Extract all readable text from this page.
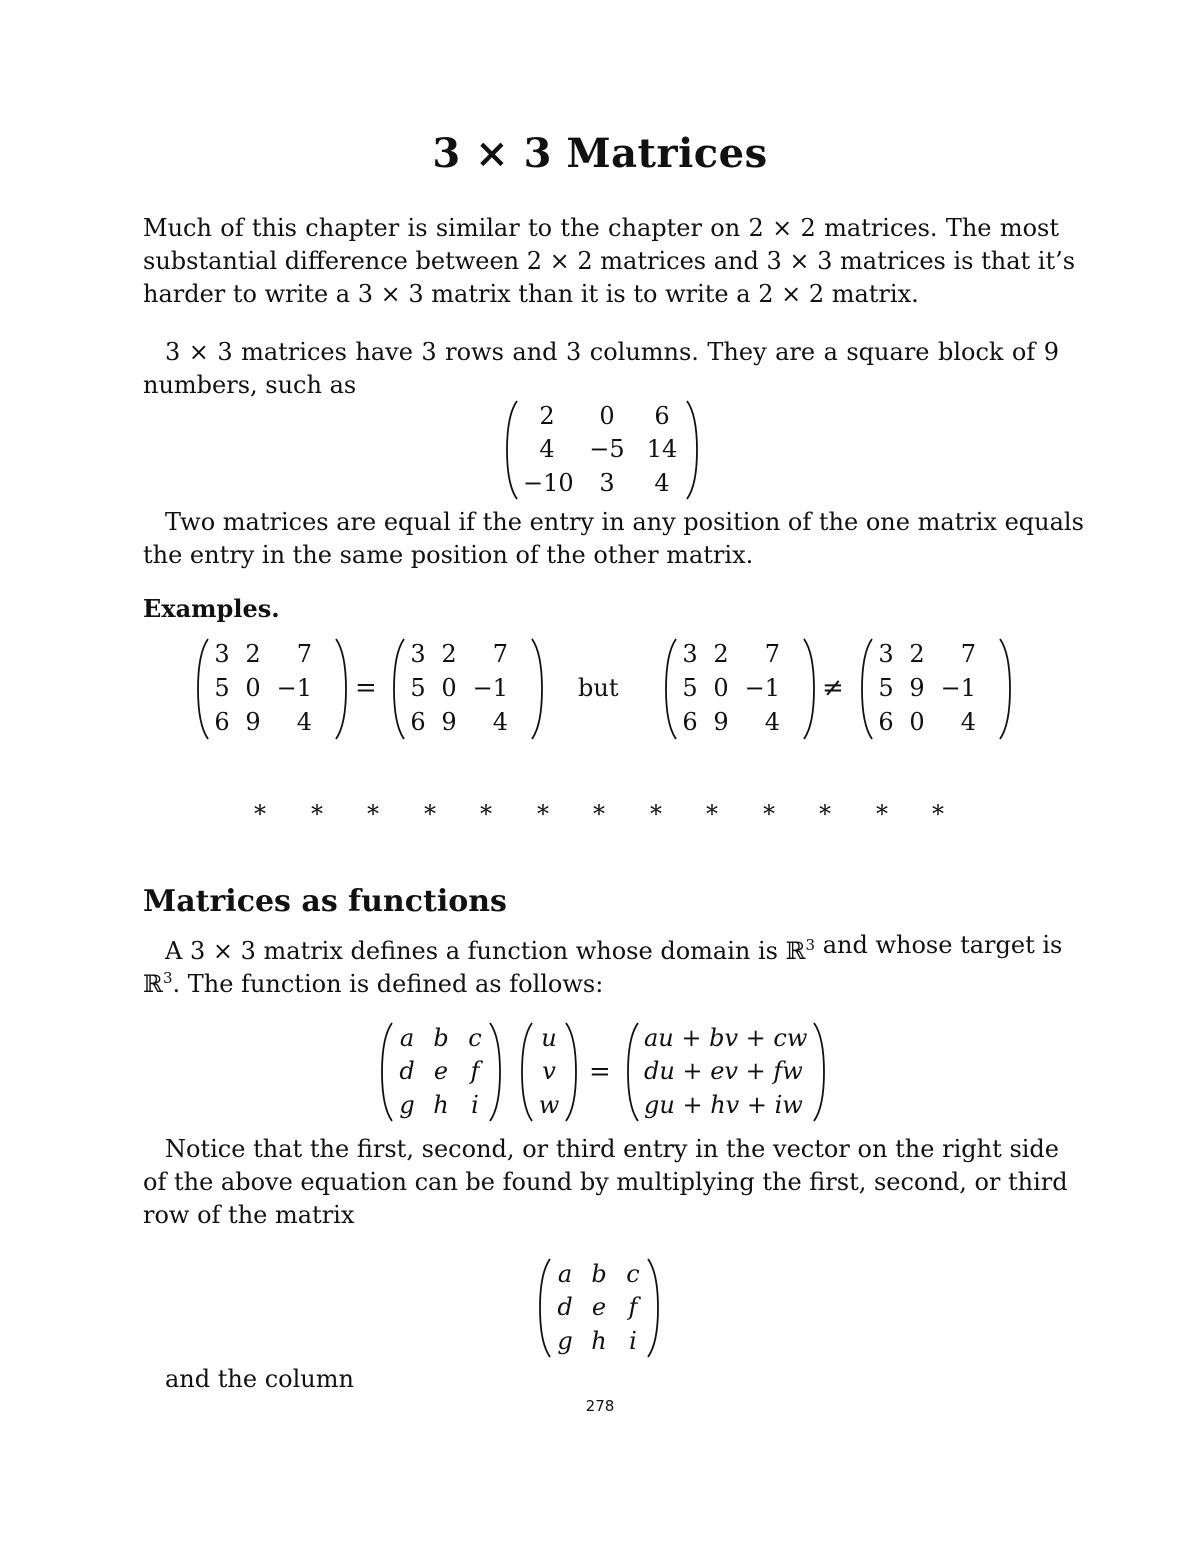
3 × 3 Matrices
Much of this chapter is similar to the chapter on 2 × 2 matrices. The most
substantial difference between 2 × 2 matrices and 3 × 3 matrices is that it’s
harder to write a 3 × 3 matrix than it is to write a 2 × 2 matrix.
3 × 3 matrices have 3 rows and 3 columns. They are a square block of 9
numbers, such as
2	0	6
4	−5 14
−10	3	4
Two matrices are equal if the entry in any position of the one matrix equals
the entry in the same position of the other matrix.
Examples.
3 2	7
5 0 −1
6 9	4
=
3 2	7
5 0 −1
6 9	4
but
3 2	7
5 0 −1
6 9	4
≠
3 2	7
5 9 −1
6 0	4
* * * * * * * * * * * * *
Matrices as functions
A 3 × 3 matrix defines a function whose domain is ℝ$^3$ and whose target is
ℝ$^3$. The function is defined as follows:
a b c
d e f
g h i
u
v
w
=
au + bv + cw
du + ev + fw
gu + hv + iw
Notice that the first, second, or third entry in the vector on the right side
of the above equation can be found by multiplying the first, second, or third
row of the matrix
a b c
d e f
g h i
and the column
278
